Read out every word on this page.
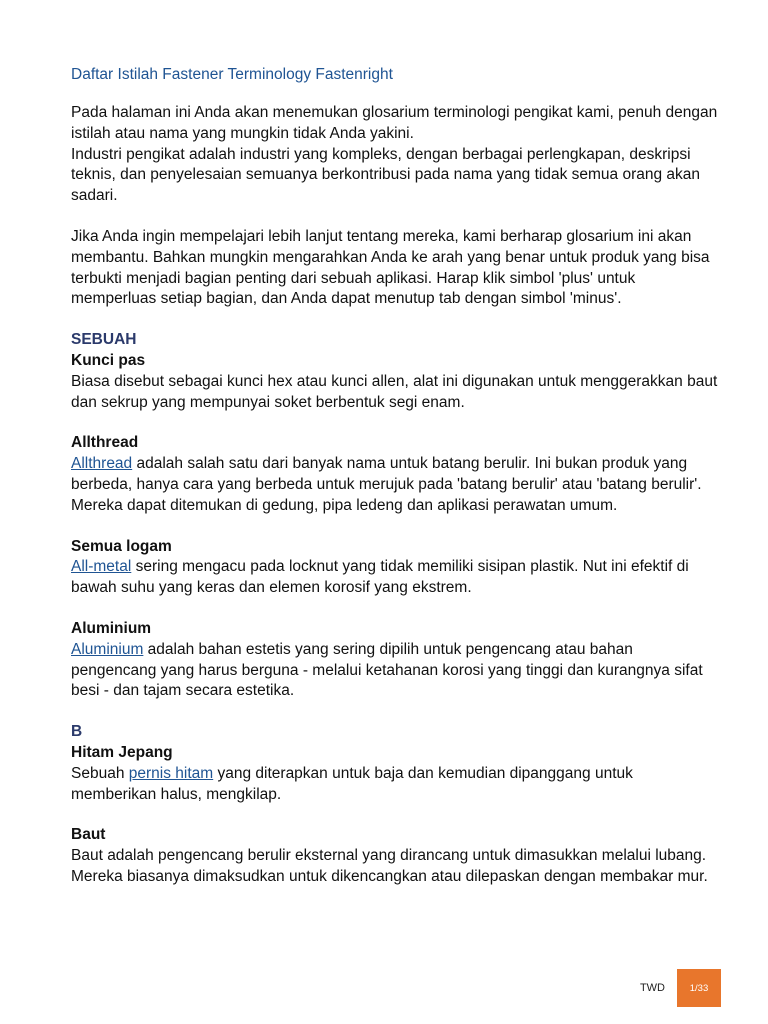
Daftar Istilah Fastener Terminology Fastenright

Pada halaman ini Anda akan menemukan glosarium terminologi pengikat kami, penuh dengan istilah atau nama yang mungkin tidak Anda yakini.

Industri pengikat adalah industri yang kompleks, dengan berbagai perlengkapan, deskripsi teknis, dan penyelesaian semuanya berkontribusi pada nama yang tidak semua orang akan sadari.

Jika Anda ingin mempelajari lebih lanjut tentang mereka, kami berharap glosarium ini akan membantu. Bahkan mungkin mengarahkan Anda ke arah yang benar untuk produk yang bisa terbukti menjadi bagian penting dari sebuah aplikasi. Harap klik simbol 'plus' untuk memperluas setiap bagian, dan Anda dapat menutup tab dengan simbol 'minus'.

SEBUAH
Kunci pas

Biasa disebut sebagai kunci hex atau kunci allen, alat ini digunakan untuk menggerakkan baut dan sekrup yang mempunyai soket berbentuk segi enam.

Allthread

Allthread adalah salah satu dari banyak nama untuk batang berulir. Ini bukan produk yang berbeda, hanya cara yang berbeda untuk merujuk pada 'batang berulir' atau 'batang berulir'. Mereka dapat ditemukan di gedung, pipa ledeng dan aplikasi perawatan umum.

Semua logam

All-metal sering mengacu pada locknut yang tidak memiliki sisipan plastik. Nut ini efektif di bawah suhu yang keras dan elemen korosif yang ekstrem.

Aluminium

Aluminium adalah bahan estetis yang sering dipilih untuk pengencang atau bahan pengencang yang harus berguna - melalui ketahanan korosi yang tinggi dan kurangnya sifat besi - dan tajam secara estetika.

B
Hitam Jepang

Sebuah pernis hitam yang diterapkan untuk baja dan kemudian dipanggang untuk memberikan halus, mengkilap.

Baut

Baut adalah pengencang berulir eksternal yang dirancang untuk dimasukkan melalui lubang. Mereka biasanya dimaksudkan untuk dikencangkan atau dilepaskan dengan membakar mur.

TWD	1/33
